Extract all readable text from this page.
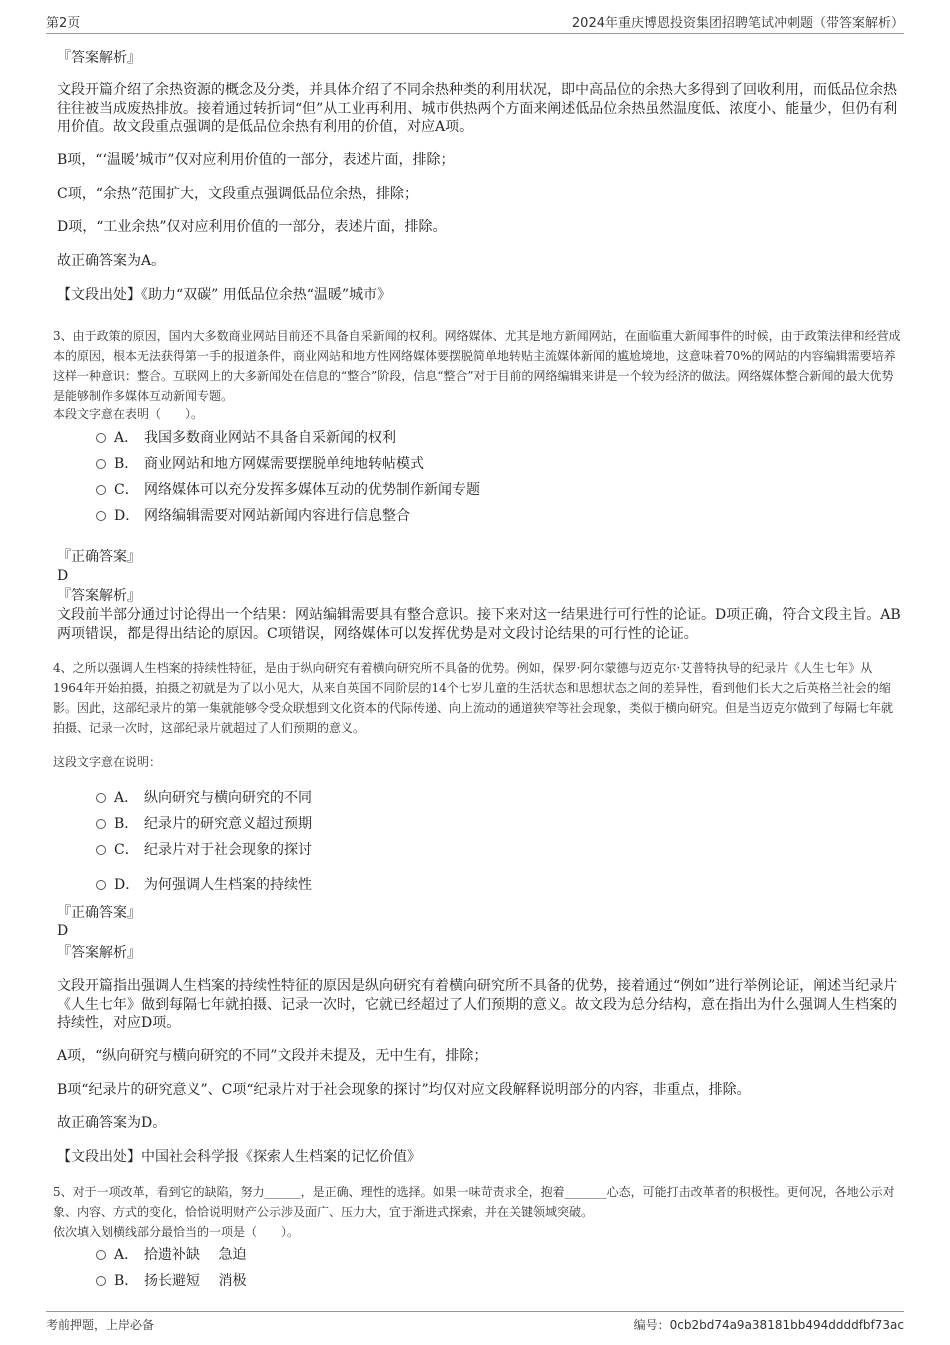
第2页	2024年重庆博恩投资集团招聘笔试冲刺题（带答案解析）
『答案解析』
文段开篇介绍了余热资源的概念及分类，并具体介绍了不同余热种类的利用状况，即中高品位的余热大多得到了回收利用，而低品位余热往往被当成废热排放。接着通过转折词“但”从工业再利用、城市供热两个方面来阐述低品位余热虽然温度低、浓度小、能量少，但仍有利用价值。故文段重点强调的是低品位余热有利用的价值，对应A项。
B项，“‘温暖’城市”仅对应利用价值的一部分，表述片面，排除；
C项，“余热”范围扩大，文段重点强调低品位余热，排除；
D项，“工业余热”仅对应利用价值的一部分，表述片面，排除。
故正确答案为A。
【文段出处】《助力“双碳” 用低品位余热“温暖”城市》
3、由于政策的原因，国内大多数商业网站目前还不具备自采新闻的权利。网络媒体、尤其是地方新闻网站，在面临重大新闻事件的时候，由于政策法律和经营成本的原因，根本无法获得第一手的报道条件，商业网站和地方性网络媒体要摆脱简单地转贴主流媒体新闻的尴尬境地，这意味着70%的网站的内容编辑需要培养这样一种意识：整合。互联网上的大多新闻处在信息的“整合”阶段，信息“整合”对于目前的网络编辑来讲是一个较为经济的做法。网络媒体整合新闻的最大优势是能够制作多媒体互动新闻专题。
本段文字意在表明（　　）。
A． 我国多数商业网站不具备自采新闻的权利
B． 商业网站和地方网媒需要摆脱单纯地转帖模式
C． 网络媒体可以充分发挥多媒体互动的优势制作新闻专题
D． 网络编辑需要对网站新闻内容进行信息整合
『正确答案』
D
『答案解析』
文段前半部分通过讨论得出一个结果：网站编辑需要具有整合意识。接下来对这一结果进行可行性的论证。D项正确，符合文段主旨。AB两项错误，都是得出结论的原因。C项错误，网络媒体可以发挥优势是对文段讨论结果的可行性的论证。
4、之所以强调人生档案的持续性特征，是由于纵向研究有着横向研究所不具备的优势。例如，保罗·阿尔蒙德与迈克尔·艾普特执导的纪录片《人生七年》从1964年开始拍摄，拍摄之初就是为了以小见大，从来自英国不同阶层的14个七岁儿童的生活状态和思想状态之间的差异性，看到他们长大之后英格兰社会的缩影。因此，这部纪录片的第一集就能够令受众联想到文化资本的代际传递、向上流动的通道狭窄等社会现象，类似于横向研究。但是当迈克尔做到了每隔七年就拍摄、记录一次时，这部纪录片就超过了人们预期的意义。
这段文字意在说明：
A． 纵向研究与横向研究的不同
B． 纪录片的研究意义超过预期
C． 纪录片对于社会现象的探讨
D． 为何强调人生档案的持续性
『正确答案』
D
『答案解析』
文段开篇指出强调人生档案的持续性特征的原因是纵向研究有着横向研究所不具备的优势，接着通过“例如”进行举例论证，阐述当纪录片《人生七年》做到每隔七年就拍摄、记录一次时，它就已经超过了人们预期的意义。故文段为总分结构，意在指出为什么强调人生档案的持续性，对应D项。
A项，“纵向研究与横向研究的不同”文段并未提及，无中生有，排除；
B项“纪录片的研究意义”、C项“纪录片对于社会现象的探讨”均仅对应文段解释说明部分的内容，非重点，排除。
故正确答案为D。
【文段出处】中国社会科学报《探索人生档案的记忆价值》
5、对于一项改革，看到它的缺陷，努力______，是正确、理性的选择。如果一味苛责求全，抱着_______心态，可能打击改革者的积极性。更何况，各地公示对象、内容、方式的变化，恰恰说明财产公示涉及面广、压力大，宜于渐进式探索，并在关键领域突破。
依次填入划横线部分最恰当的一项是（　　）。
A． 拾遗补缺　 急迫
B． 扬长避短　 消极
考前押题，上岸必备	编号：0cb2bd74a9a38181bb494ddddfbf73ac
